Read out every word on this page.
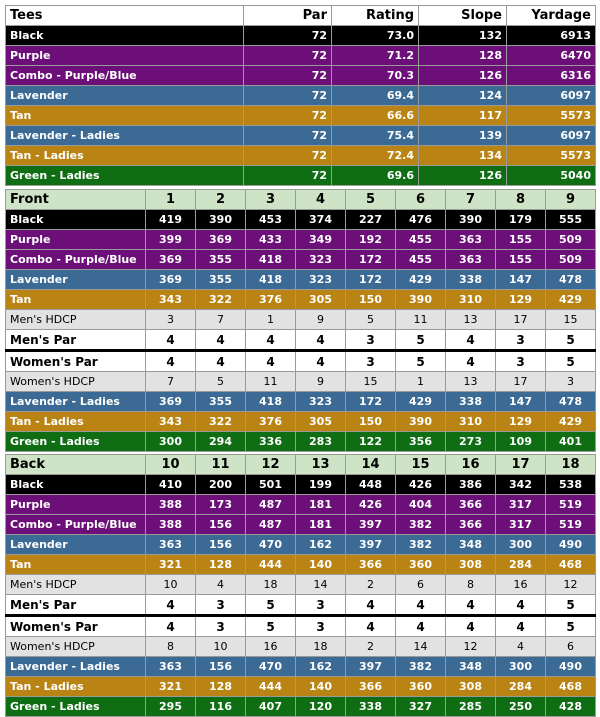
Tees	Par	Rating	Slope	Yardage
Black	72	73.0	132	6913
Purple	72	71.2	128	6470
Combo - Purple/Blue	72	70.3	126	6316
Lavender	72	69.4	124	6097
Tan	72	66.6	117	5573
Lavender - Ladies	72	75.4	139	6097
Tan - Ladies	72	72.4	134	5573
Green - Ladies	72	69.6	126	5040
Front	1	2	3	4	5	6	7	8	9
Black	419	390	453	374	227	476	390	179	555
Purple	399	369	433	349	192	455	363	155	509
Combo - Purple/Blue	369	355	418	323	172	455	363	155	509
Lavender	369	355	418	323	172	429	338	147	478
Tan	343	322	376	305	150	390	310	129	429
Men's HDCP	3	7	1	9	5	11	13	17	15
Men's Par	4	4	4	4	3	5	4	3	5
Women's Par	4	4	4	4	3	5	4	3	5
Women's HDCP	7	5	11	9	15	1	13	17	3
Lavender - Ladies	369	355	418	323	172	429	338	147	478
Tan - Ladies	343	322	376	305	150	390	310	129	429
Green - Ladies	300	294	336	283	122	356	273	109	401
Back	10	11	12	13	14	15	16	17	18
Black	410	200	501	199	448	426	386	342	538
Purple	388	173	487	181	426	404	366	317	519
Combo - Purple/Blue	388	156	487	181	397	382	366	317	519
Lavender	363	156	470	162	397	382	348	300	490
Tan	321	128	444	140	366	360	308	284	468
Men's HDCP	10	4	18	14	2	6	8	16	12
Men's Par	4	3	5	3	4	4	4	4	5
Women's Par	4	3	5	3	4	4	4	4	5
Women's HDCP	8	10	16	18	2	14	12	4	6
Lavender - Ladies	363	156	470	162	397	382	348	300	490
Tan - Ladies	321	128	444	140	366	360	308	284	468
Green - Ladies	295	116	407	120	338	327	285	250	428
